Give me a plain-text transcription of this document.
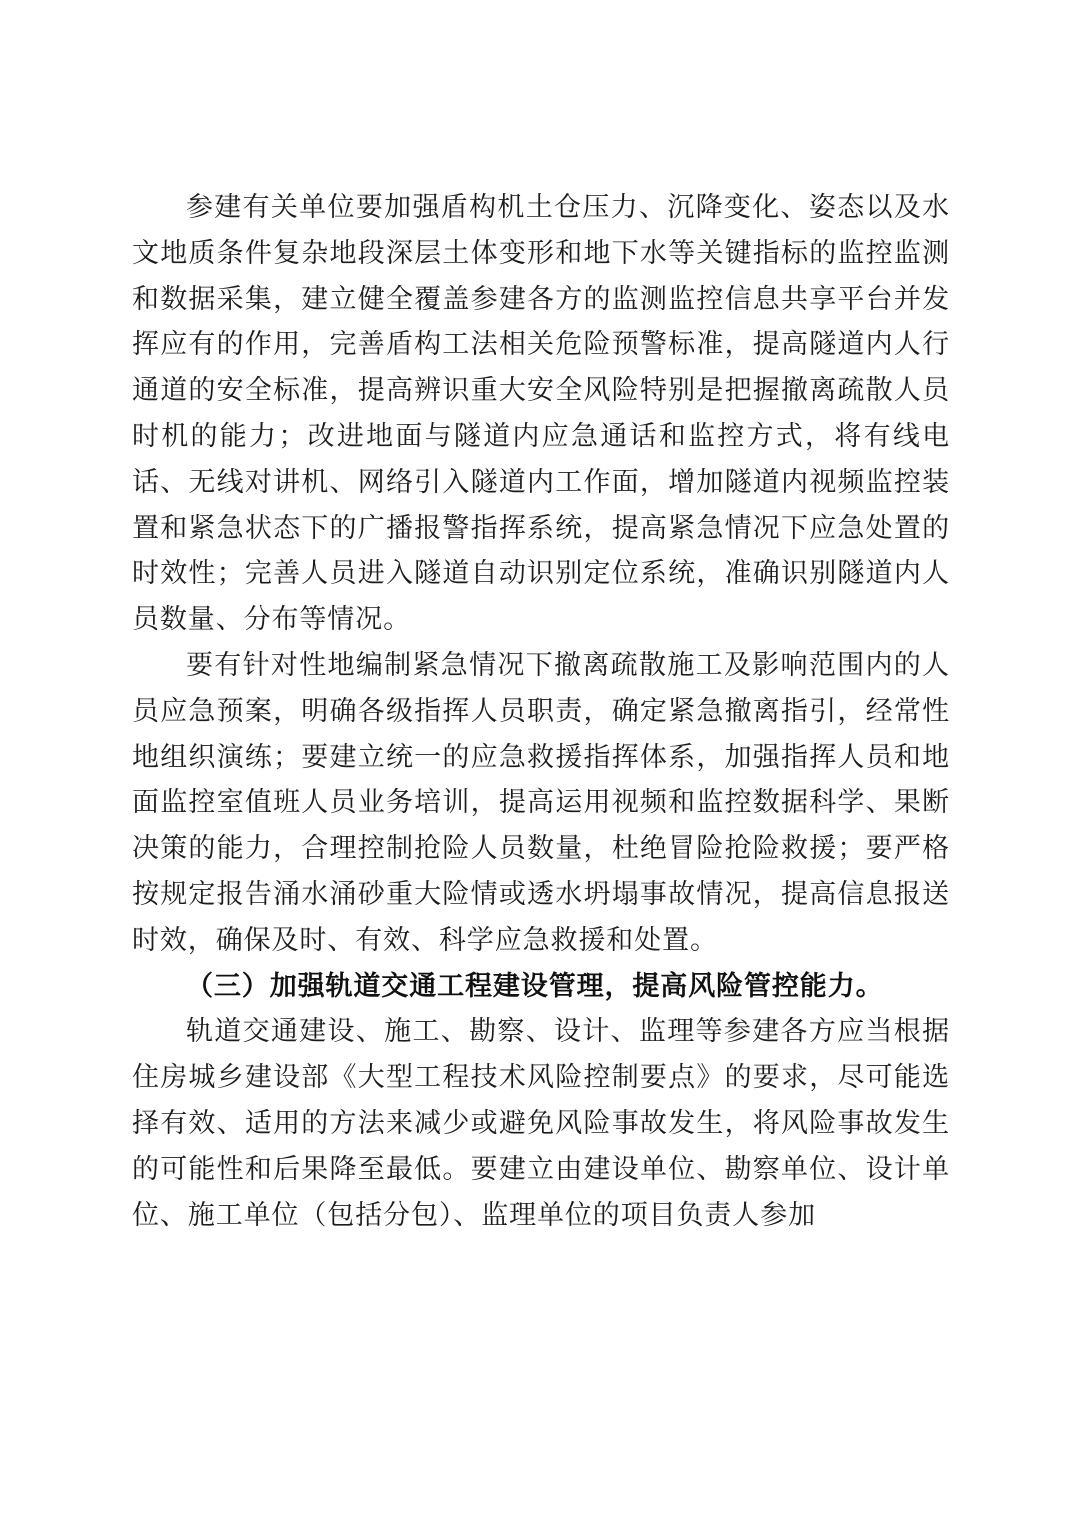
参建有关单位要加强盾构机土仓压力、沉降变化、姿态以及水文地质条件复杂地段深层土体变形和地下水等关键指标的监控监测和数据采集，建立健全覆盖参建各方的监测监控信息共享平台并发挥应有的作用，完善盾构工法相关危险预警标准，提高隧道内人行通道的安全标准，提高辨识重大安全风险特别是把握撤离疏散人员时机的能力；改进地面与隧道内应急通话和监控方式，将有线电话、无线对讲机、网络引入隧道内工作面，增加隧道内视频监控装置和紧急状态下的广播报警指挥系统，提高紧急情况下应急处置的时效性；完善人员进入隧道自动识别定位系统，准确识别隧道内人员数量、分布等情况。

要有针对性地编制紧急情况下撤离疏散施工及影响范围内的人员应急预案，明确各级指挥人员职责，确定紧急撤离指引，经常性地组织演练；要建立统一的应急救援指挥体系，加强指挥人员和地面监控室值班人员业务培训，提高运用视频和监控数据科学、果断决策的能力，合理控制抢险人员数量，杜绝冒险抢险救援；要严格按规定报告涌水涌砂重大险情或透水坍塌事故情况，提高信息报送时效，确保及时、有效、科学应急救援和处置。

（三）加强轨道交通工程建设管理，提高风险管控能力。

轨道交通建设、施工、勘察、设计、监理等参建各方应当根据住房城乡建设部《大型工程技术风险控制要点》的要求，尽可能选择有效、适用的方法来减少或避免风险事故发生，将风险事故发生的可能性和后果降至最低。要建立由建设单位、勘察单位、设计单位、施工单位（包括分包）、监理单位的项目负责人参加
